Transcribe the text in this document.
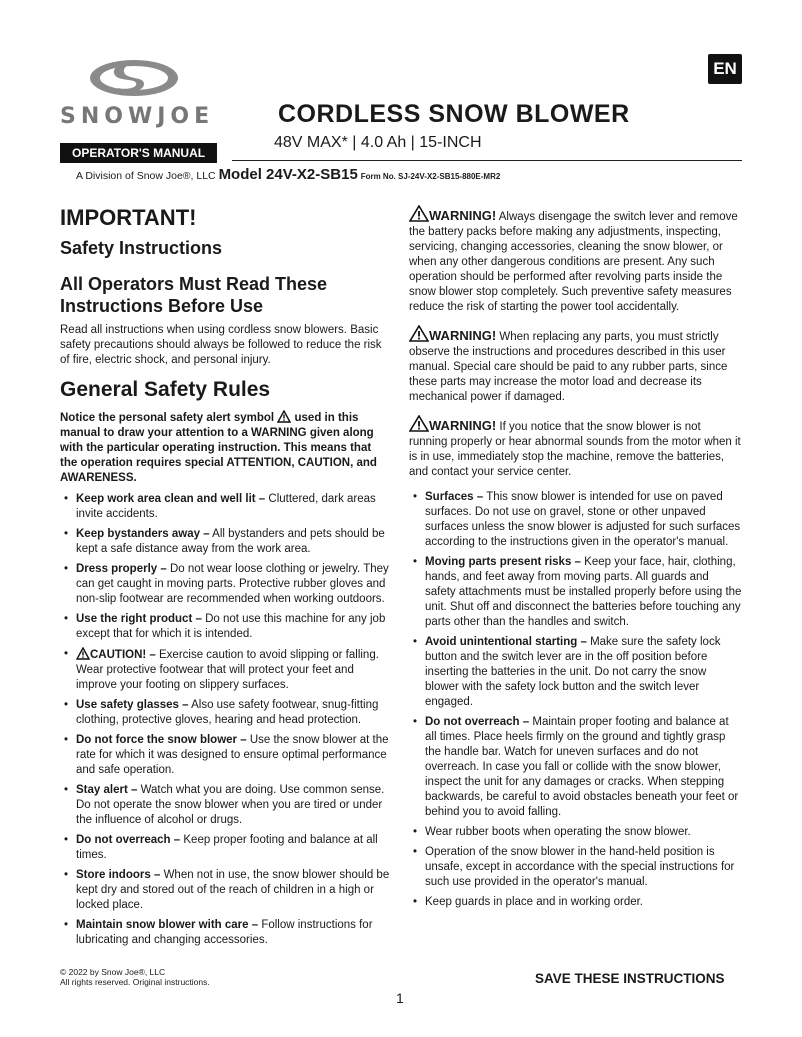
SNOWJOE
EN
CORDLESS SNOW BLOWER
48V MAX* | 4.0 Ah | 15-INCH
OPERATOR'S MANUAL
A Division of Snow Joe®, LLC Model 24V-X2-SB15 Form No. SJ-24V-X2-SB15-880E-MR2
IMPORTANT!
Safety Instructions
All Operators Must Read These Instructions Before Use

Read all instructions when using cordless snow blowers. Basic safety precautions should always be followed to reduce the risk of fire, electric shock, and personal injury.

General Safety Rules

Notice the personal safety alert symbol used in this manual to draw your attention to a WARNING given along with the particular operating instruction. This means that the operation requires special ATTENTION, CAUTION, and AWARENESS.

• Keep work area clean and well lit – Cluttered, dark areas invite accidents.
• Keep bystanders away – All bystanders and pets should be kept a safe distance away from the work area.
• Dress properly – Do not wear loose clothing or jewelry. They can get caught in moving parts. Protective rubber gloves and non-slip footwear are recommended when working outdoors.
• Use the right product – Do not use this machine for any job except that for which it is intended.
• CAUTION! – Exercise caution to avoid slipping or falling. Wear protective footwear that will protect your feet and improve your footing on slippery surfaces.
• Use safety glasses – Also use safety footwear, snug-fitting clothing, protective gloves, hearing and head protection.
• Do not force the snow blower – Use the snow blower at the rate for which it was designed to ensure optimal performance and safe operation.
• Stay alert – Watch what you are doing. Use common sense. Do not operate the snow blower when you are tired or under the influence of alcohol or drugs.
• Do not overreach – Keep proper footing and balance at all times.
• Store indoors – When not in use, the snow blower should be kept dry and stored out of the reach of children in a high or locked place.
• Maintain snow blower with care – Follow instructions for lubricating and changing accessories.

WARNING! Always disengage the switch lever and remove the battery packs before making any adjustments, inspecting, servicing, changing accessories, cleaning the snow blower, or when any other dangerous conditions are present. Any such operation should be performed after revolving parts inside the snow blower stop completely. Such preventive safety measures reduce the risk of starting the power tool accidentally.

WARNING! When replacing any parts, you must strictly observe the instructions and procedures described in this user manual. Special care should be paid to any rubber parts, since these parts may increase the motor load and decrease its mechanical power if damaged.

WARNING! If you notice that the snow blower is not running properly or hear abnormal sounds from the motor when it is in use, immediately stop the machine, remove the batteries, and contact your service center.

• Surfaces – This snow blower is intended for use on paved surfaces. Do not use on gravel, stone or other unpaved surfaces unless the snow blower is adjusted for such surfaces according to the instructions given in the operator's manual.
• Moving parts present risks – Keep your face, hair, clothing, hands, and feet away from moving parts. All guards and safety attachments must be installed properly before using the unit. Shut off and disconnect the batteries before touching any parts other than the handles and switch.
• Avoid unintentional starting – Make sure the safety lock button and the switch lever are in the off position before inserting the batteries in the unit. Do not carry the snow blower with the safety lock button and the switch lever engaged.
• Do not overreach – Maintain proper footing and balance at all times. Place heels firmly on the ground and tightly grasp the handle bar. Watch for uneven surfaces and do not overreach. In case you fall or collide with the snow blower, inspect the unit for any damages or cracks. When stepping backwards, be careful to avoid obstacles beneath your feet or behind you to avoid falling.
• Wear rubber boots when operating the snow blower.
• Operation of the snow blower in the hand-held position is unsafe, except in accordance with the special instructions for such use provided in the operator's manual.
• Keep guards in place and in working order.
© 2022 by Snow Joe®, LLC
All rights reserved. Original instructions.	SAVE THESE INSTRUCTIONS
1
